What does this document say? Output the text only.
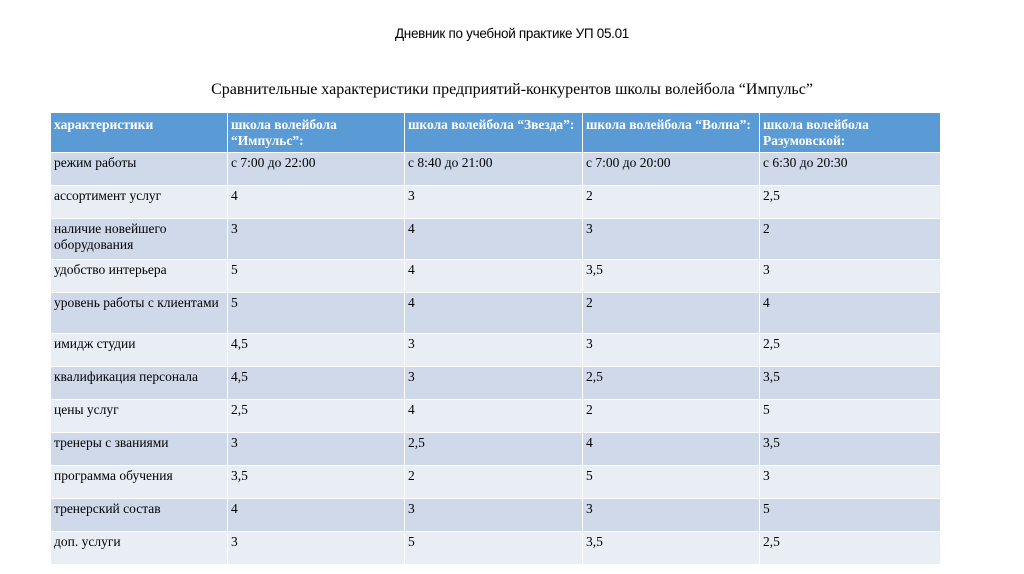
Дневник по учебной практике УП 05.01
Сравнительные характеристики предприятий-конкурентов школы волейбола “Импульс”
характеристики	школа волейбола “Импульс”:	школа волейбола “Звезда”:	школа волейбола “Волна”:	школа волейбола Разумовской:
режим работы	с 7:00 до 22:00	с 8:40 до 21:00	с 7:00 до 20:00	с 6:30 до 20:30
ассортимент услуг	4	3	2	2,5
наличие новейшего оборудования	3	4	3	2
удобство интерьера	5	4	3,5	3
уровень работы с клиентами	5	4	2	4
имидж студии	4,5	3	3	2,5
квалификация персонала	4,5	3	2,5	3,5
цены услуг	2,5	4	2	5
тренеры с званиями	3	2,5	4	3,5
программа обучения	3,5	2	5	3
тренерский состав	4	3	3	5
доп. услуги	3	5	3,5	2,5
